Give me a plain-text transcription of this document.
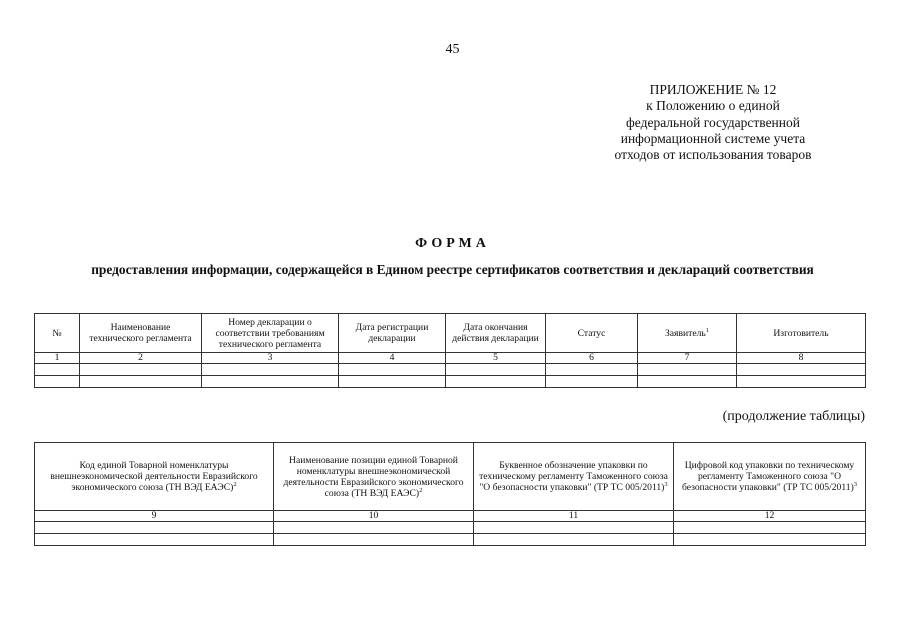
45
ПРИЛОЖЕНИЕ № 12
к Положению о единой
федеральной государственной
информационной системе учета
отходов от использования товаров
ФОРМА
предоставления информации, содержащейся в Едином реестре сертификатов соответствия и деклараций соответствия
№	Наименование технического регламента	Номер декларации о соответствии требованиям технического регламента	Дата регистрации декларации	Дата окончания действия декларации	Статус	Заявитель$^1$	Изготовитель
1	2	3	4	5	6	7	8

(продолжение таблицы)
Код единой Товарной номенклатуры внешнеэкономической деятельности Евразийского экономического союза (ТН ВЭД ЕАЭС)$^2$	Наименование позиции единой Товарной номенклатуры внешнеэкономической деятельности Евразийского экономического союза (ТН ВЭД ЕАЭС)$^2$	Буквенное обозначение упаковки по техническому регламенту Таможенного союза "О безопасности упаковки" (ТР ТС 005/2011)$^3$	Цифровой код упаковки по техническому регламенту Таможенного союза "О безопасности упаковки" (ТР ТС 005/2011)$^3$
9	10	11	12
